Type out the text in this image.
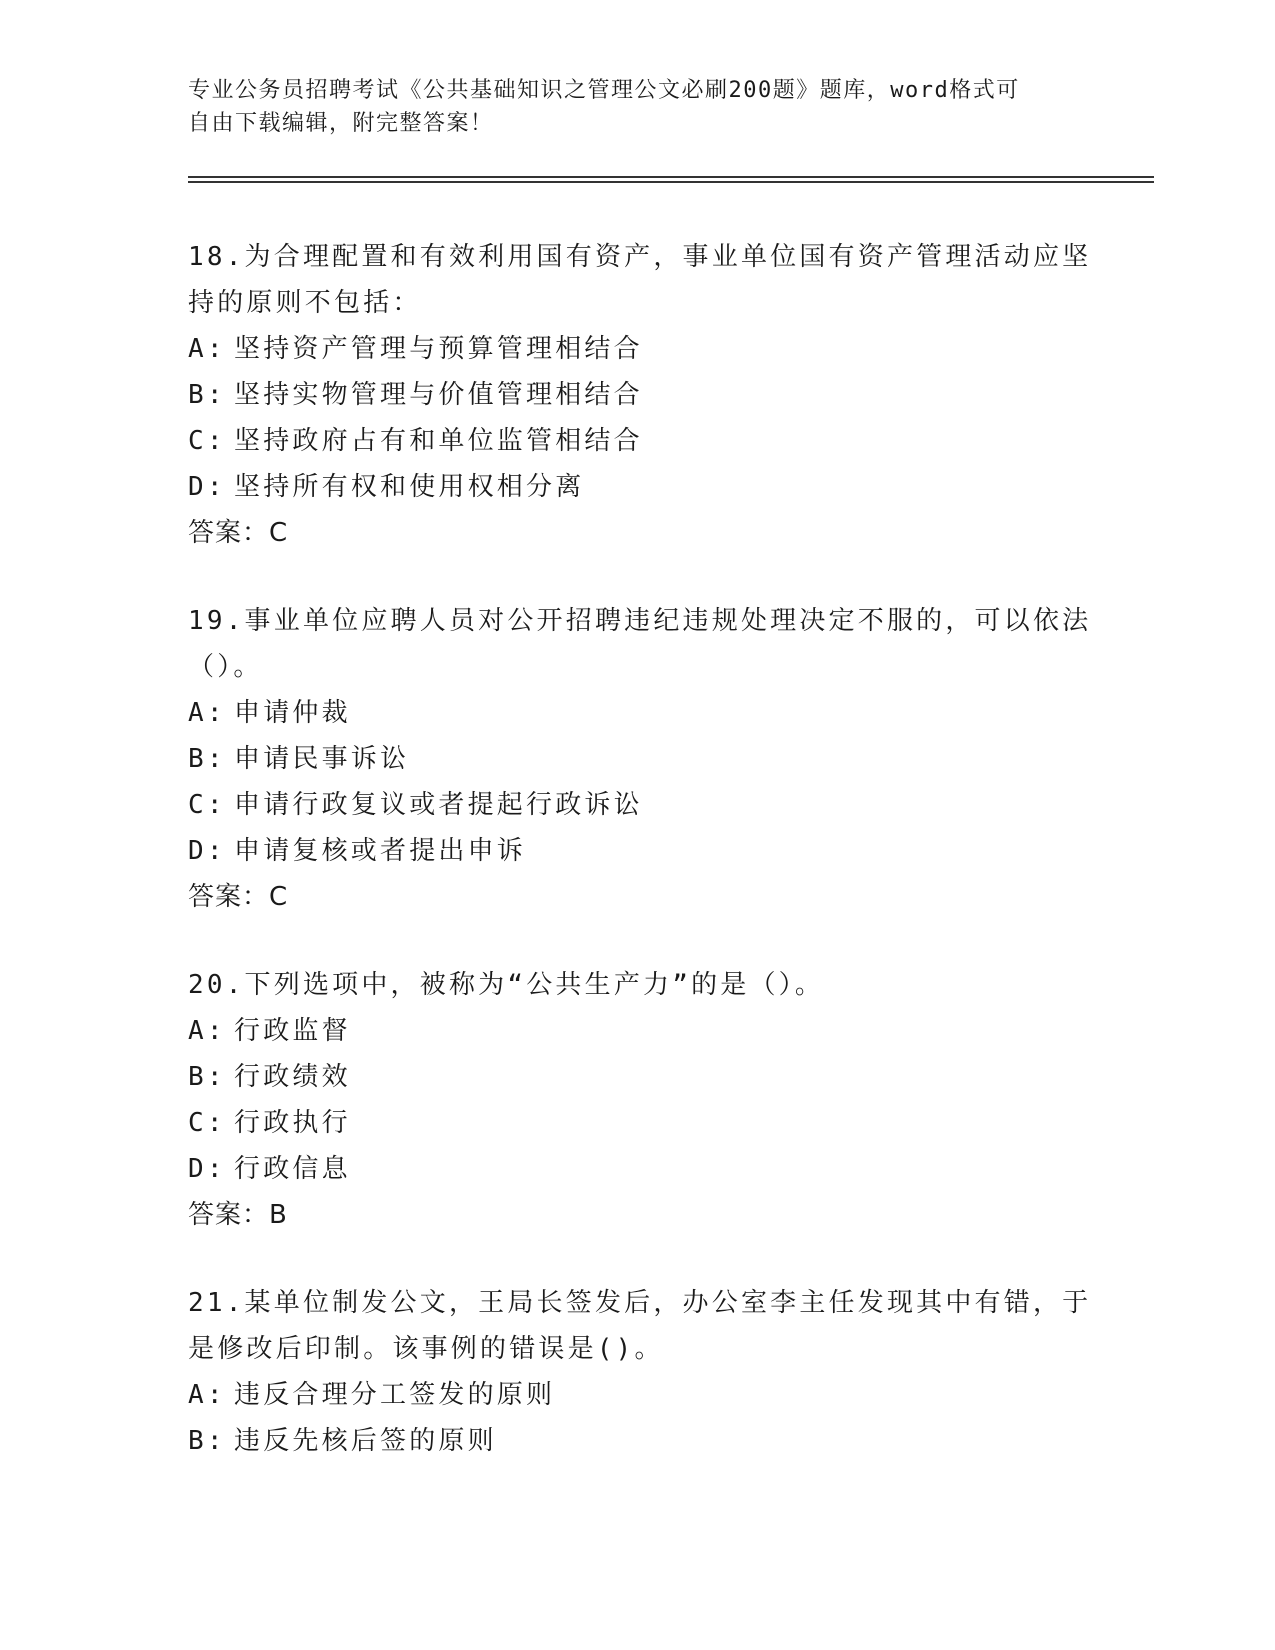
专业公务员招聘考试《公共基础知识之管理公文必刷200题》题库，word格式可
自由下载编辑，附完整答案！
18.为合理配置和有效利用国有资产，事业单位国有资产管理活动应坚
持的原则不包括：
A: 坚持资产管理与预算管理相结合
B: 坚持实物管理与价值管理相结合
C: 坚持政府占有和单位监管相结合
D: 坚持所有权和使用权相分离
答案：C
19.事业单位应聘人员对公开招聘违纪违规处理决定不服的，可以依法
（）。
A: 申请仲裁
B: 申请民事诉讼
C: 申请行政复议或者提起行政诉讼
D: 申请复核或者提出申诉
答案：C
20.下列选项中，被称为“公共生产力”的是（）。
A: 行政监督
B: 行政绩效
C: 行政执行
D: 行政信息
答案：B
21.某单位制发公文，王局长签发后，办公室李主任发现其中有错，于
是修改后印制。该事例的错误是()。
A: 违反合理分工签发的原则
B: 违反先核后签的原则
